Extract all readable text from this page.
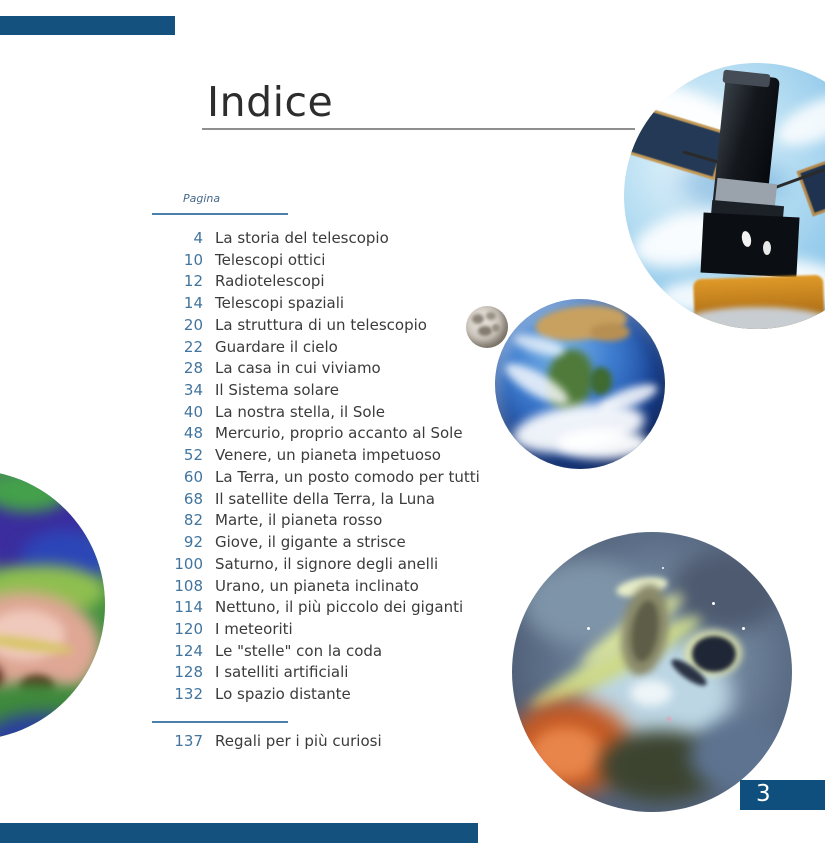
Indice
Pagina
4 La storia del telescopio
10 Telescopi ottici
12 Radiotelescopi
14 Telescopi spaziali
20 La struttura di un telescopio
22 Guardare il cielo
28 La casa in cui viviamo
34 Il Sistema solare
40 La nostra stella, il Sole
48 Mercurio, proprio accanto al Sole
52 Venere, un pianeta impetuoso
60 La Terra, un posto comodo per tutti
68 Il satellite della Terra, la Luna
82 Marte, il pianeta rosso
92 Giove, il gigante a strisce
100 Saturno, il signore degli anelli
108 Urano, un pianeta inclinato
114 Nettuno, il più piccolo dei giganti
120 I meteoriti
124 Le "stelle" con la coda
128 I satelliti artificiali
132 Lo spazio distante
137 Regali per i più curiosi
3
